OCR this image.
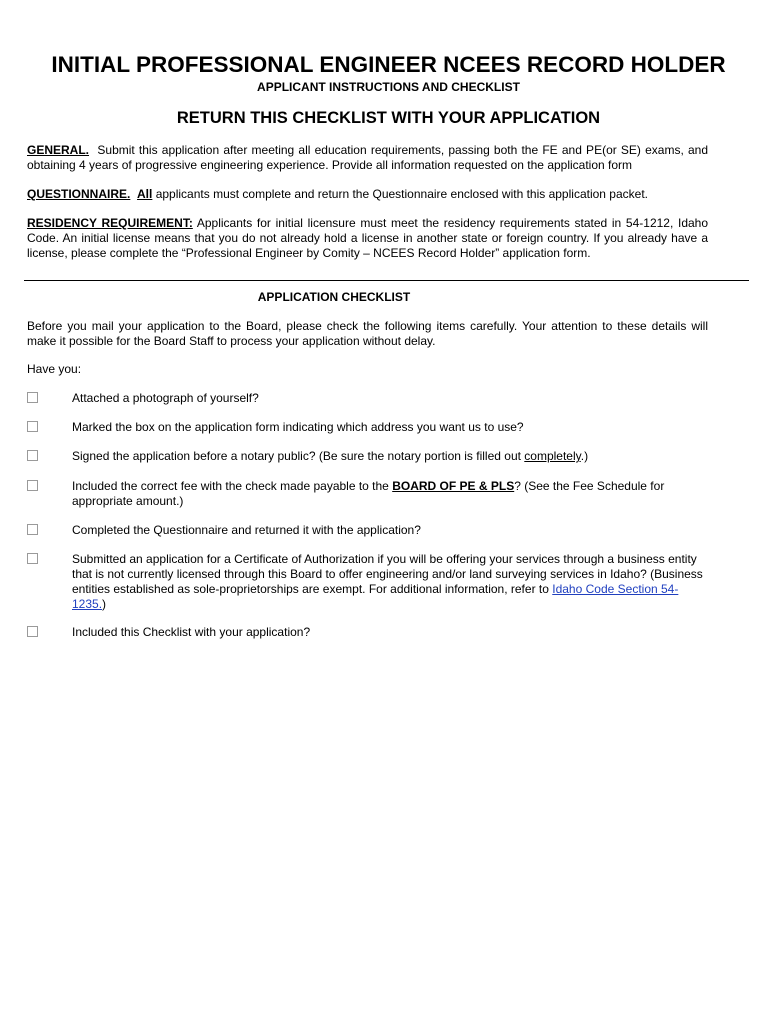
INITIAL PROFESSIONAL ENGINEER NCEES RECORD HOLDER
APPLICANT INSTRUCTIONS AND CHECKLIST
RETURN THIS CHECKLIST WITH YOUR APPLICATION
GENERAL. Submit this application after meeting all education requirements, passing both the FE and PE(or SE) exams, and obtaining 4 years of progressive engineering experience. Provide all information requested on the application form
QUESTIONNAIRE. All applicants must complete and return the Questionnaire enclosed with this application packet.
RESIDENCY REQUIREMENT: Applicants for initial licensure must meet the residency requirements stated in 54-1212, Idaho Code. An initial license means that you do not already hold a license in another state or foreign country. If you already have a license, please complete the “Professional Engineer by Comity – NCEES Record Holder” application form.
APPLICATION CHECKLIST
Before you mail your application to the Board, please check the following items carefully. Your attention to these details will make it possible for the Board Staff to process your application without delay.
Have you:
Attached a photograph of yourself?
Marked the box on the application form indicating which address you want us to use?
Signed the application before a notary public? (Be sure the notary portion is filled out completely.)
Included the correct fee with the check made payable to the BOARD OF PE & PLS? (See the Fee Schedule for appropriate amount.)
Completed the Questionnaire and returned it with the application?
Submitted an application for a Certificate of Authorization if you will be offering your services through a business entity that is not currently licensed through this Board to offer engineering and/or land surveying services in Idaho? (Business entities established as sole-proprietorships are exempt. For additional information, refer to Idaho Code Section 54-1235.)
Included this Checklist with your application?
